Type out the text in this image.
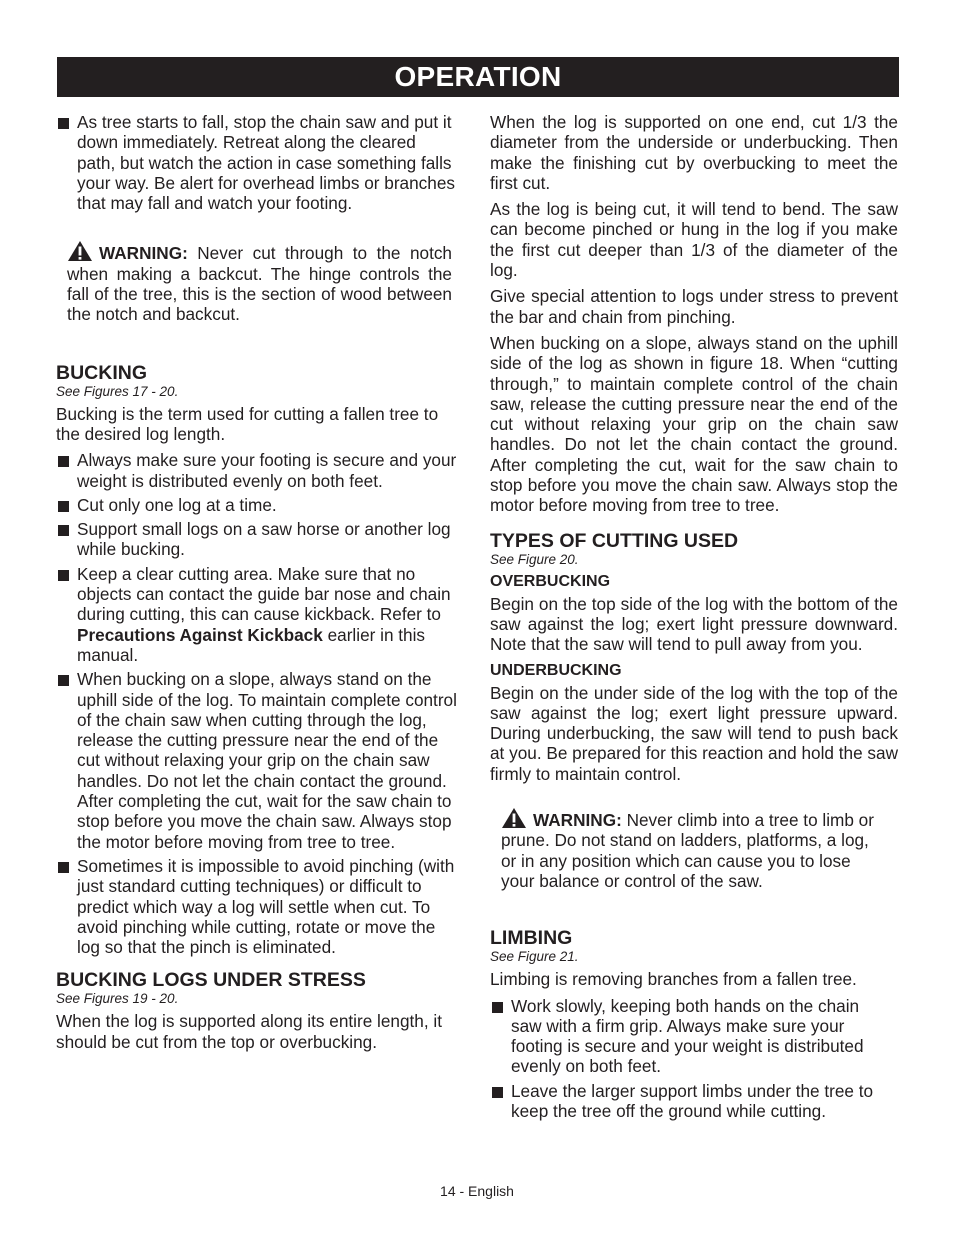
OPERATION
As tree starts to fall, stop the chain saw and put it down immediately. Retreat along the cleared path, but watch the action in case something falls your way. Be alert for overhead limbs or branches that may fall and watch your footing.
WARNING: Never cut through to the notch when making a backcut. The hinge controls the fall of the tree, this is the section of wood between the notch and backcut.
BUCKING
See Figures 17 - 20.

Bucking is the term used for cutting a fallen tree to the desired log length.

Always make sure your footing is secure and your weight is distributed evenly on both feet.
Cut only one log at a time.
Support small logs on a saw horse or another log while bucking.
Keep a clear cutting area. Make sure that no objects can contact the guide bar nose and chain during cutting, this can cause kickback. Refer to Precautions Against Kickback earlier in this manual.
When bucking on a slope, always stand on the uphill side of the log. To maintain complete control of the chain saw when cutting through the log, release the cutting pressure near the end of the cut without relaxing your grip on the chain saw handles. Do not let the chain contact the ground. After completing the cut, wait for the saw chain to stop before you move the chain saw. Always stop the motor before moving from tree to tree.
Sometimes it is impossible to avoid pinching (with just standard cutting techniques) or difficult to predict which way a log will settle when cut. To avoid pinching while cutting, rotate or move the log so that the pinch is eliminated.
BUCKING LOGS UNDER STRESS
See Figures 19 - 20.

When the log is supported along its entire length, it should be cut from the top or overbucking.

When the log is supported on one end, cut 1/3 the diameter from the underside or underbucking. Then make the finishing cut by overbucking to meet the first cut.

As the log is being cut, it will tend to bend. The saw can become pinched or hung in the log if you make the first cut deeper than 1/3 of the diameter of the log.

Give special attention to logs under stress to prevent the bar and chain from pinching.

When bucking on a slope, always stand on the uphill side of the log as shown in figure 18. When “cutting through,” to maintain complete control of the chain saw, release the cutting pressure near the end of the cut without relaxing your grip on the chain saw handles. Do not let the chain contact the ground. After completing the cut, wait for the saw chain to stop before you move the chain saw. Always stop the motor before moving from tree to tree.

TYPES OF CUTTING USED
See Figure 20.
OVERBUCKING

Begin on the top side of the log with the bottom of the saw against the log; exert light pressure downward. Note that the saw will tend to pull away from you.

UNDERBUCKING

Begin on the under side of the log with the top of the saw against the log; exert light pressure upward. During underbucking, the saw will tend to push back at you. Be prepared for this reaction and hold the saw firmly to maintain control.

WARNING: Never climb into a tree to limb or prune. Do not stand on ladders, platforms, a log, or in any position which can cause you to lose your balance or control of the saw.
LIMBING
See Figure 21.

Limbing is removing branches from a fallen tree.

Work slowly, keeping both hands on the chain saw with a firm grip. Always make sure your footing is secure and your weight is distributed evenly on both feet.
Leave the larger support limbs under the tree to keep the tree off the ground while cutting.
14 - English
